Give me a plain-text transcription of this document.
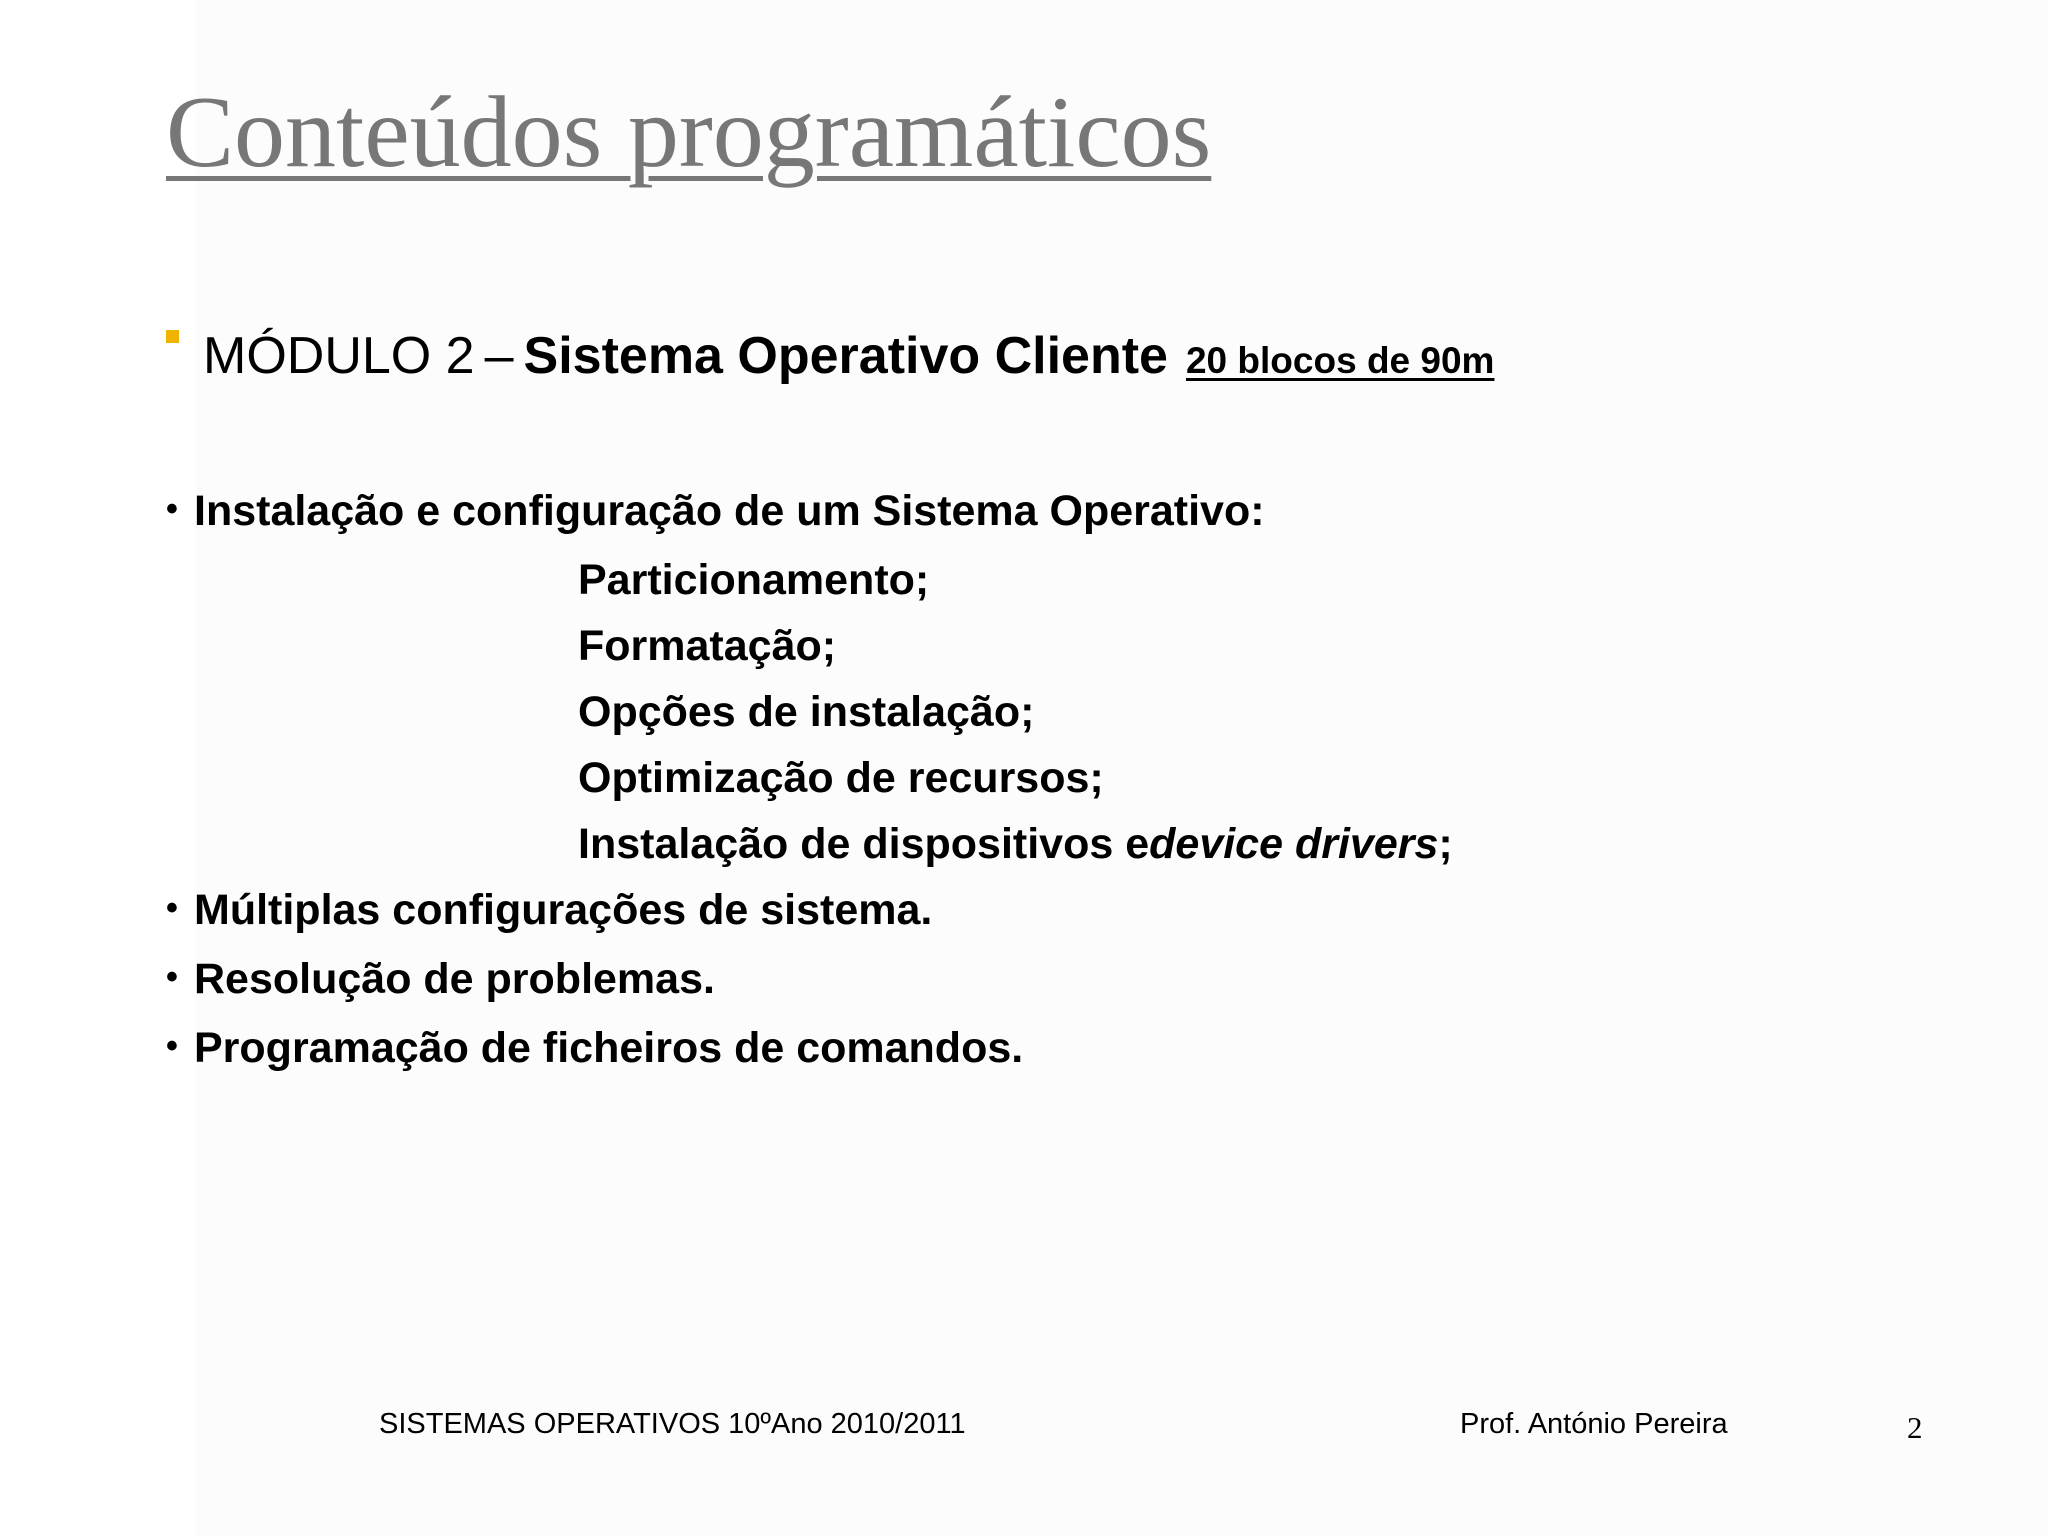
Conteúdos programáticos
MÓDULO 2 – Sistema Operativo Cliente 20 blocos de 90m
• Instalação e configuração de um Sistema Operativo:
Particionamento;
Formatação;
Opções de instalação;
Optimização de recursos;
Instalação de dispositivos e device drivers ;
• Múltiplas configurações de sistema.
• Resolução de problemas.
• Programação de ficheiros de comandos.
SISTEMAS OPERATIVOS 10ºAno 2010/2011	Prof. António Pereira	2
